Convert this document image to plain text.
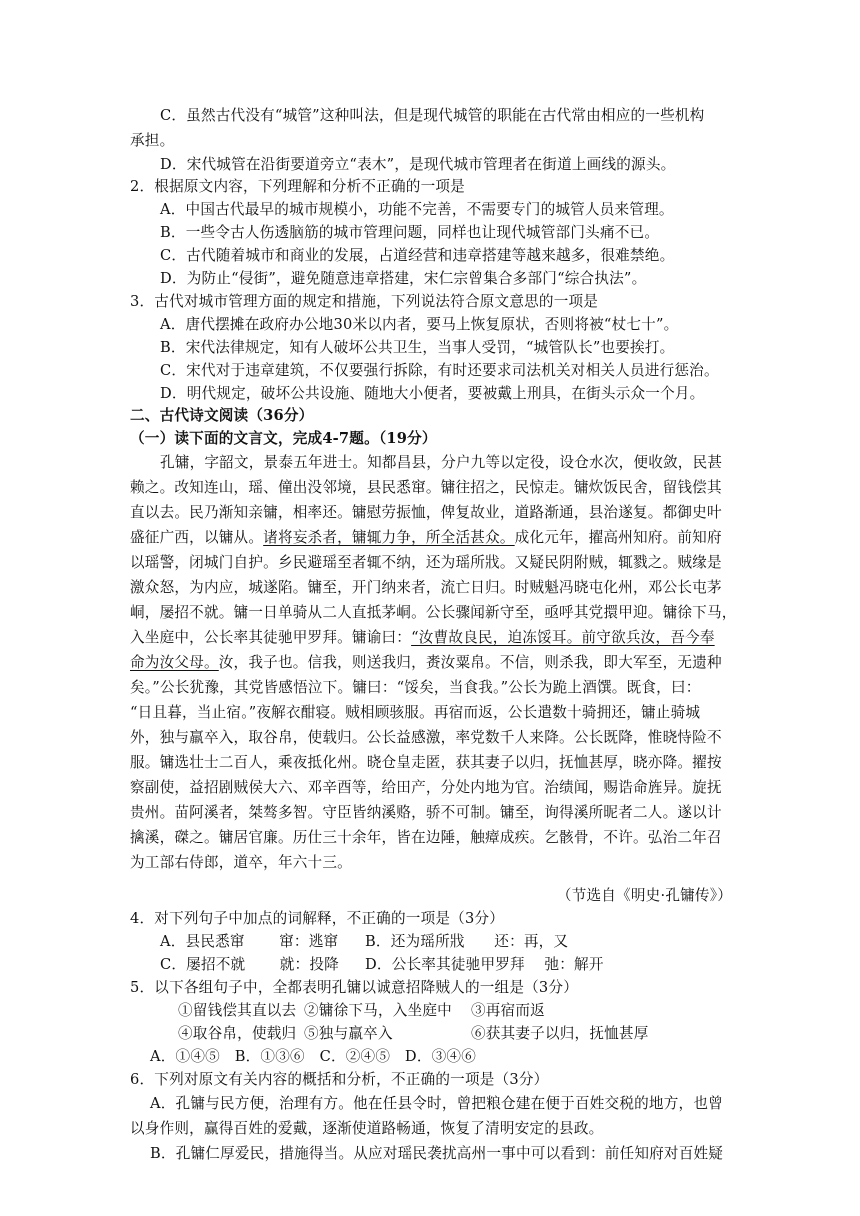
C．虽然古代没有“城管”这种叫法，但是现代城管的职能在古代常由相应的一些机构
承担。
D．宋代城管在沿街要道旁立“表木”，是现代城市管理者在街道上画线的源头。
2．根据原文内容，下列理解和分析不正确的一项是
A．中国古代最早的城市规模小，功能不完善，不需要专门的城管人员来管理。
B．一些令古人伤透脑筋的城市管理问题，同样也让现代城管部门头痛不已。
C．古代随着城市和商业的发展，占道经营和违章搭建等越来越多，很难禁绝。
D．为防止“侵街”，避免随意违章搭建，宋仁宗曾集合多部门“综合执法”。
3．古代对城市管理方面的规定和措施，下列说法符合原文意思的一项是
A．唐代摆摊在政府办公地30米以内者，要马上恢复原状，否则将被“杖七十”。
B．宋代法律规定，知有人破坏公共卫生，当事人受罚，“城管队长”也要挨打。
C．宋代对于违章建筑，不仅要强行拆除，有时还要求司法机关对相关人员进行惩治。
D．明代规定，破坏公共设施、随地大小便者，要被戴上刑具，在街头示众一个月。
二、古代诗文阅读（36分）
（一）读下面的文言文，完成4-7题。（19分）
孔镛，字韶文，景泰五年进士。知都昌县，分户九等以定役，设仓水次，便收敛，民甚
赖之。改知连山，瑶、僮出没邻境，县民悉窜。镛往招之，民惊走。镛炊饭民舍，留钱偿其
直以去。民乃渐知亲镛，相率还。镛慰劳振恤，俾复故业，道路渐通，县治遂复。都御史叶
盛征广西，以镛从。诸将妄杀者，镛辄力争，所全活甚众。成化元年，擢高州知府。前知府
以瑶警，闭城门自护。乡民避瑶至者辄不纳，还为瑶所戕。又疑民阴附贼，辄戮之。贼缘是
激众怒，为内应，城遂陷。镛至，开门纳来者，流亡日归。时贼魁冯晓屯化州，邓公长屯茅
峒，屡招不就。镛一日单骑从二人直抵茅峒。公长骤闻新守至，亟呼其党擐甲迎。镛徐下马，
入坐庭中，公长率其徒驰甲罗拜。镛谕曰：“汝曹故良民，迫冻馁耳。前守欲兵汝，吾今奉
命为汝父母。汝，我子也。信我，则送我归，赉汝粟帛。不信，则杀我，即大军至，无遗种
矣。”公长犹豫，其党皆感悟泣下。镛曰：“馁矣，当食我。”公长为跪上酒馔。既食，曰：
“日且暮，当止宿。”夜解衣酣寝。贼相顾骇服。再宿而返，公长遣数十骑拥还，镛止骑城
外，独与羸卒入，取谷帛，使载归。公长益感激，率党数千人来降。公长既降，惟晓恃险不
服。镛选壮士二百人，乘夜抵化州。晓仓皇走匿，获其妻子以归，抚恤甚厚，晓亦降。擢按
察副使，益招剧贼侯大六、邓辛酉等，给田产，分处内地为官。治绩闻，赐诰命旌异。旋抚
贵州。苗阿溪者，桀骜多智。守臣皆纳溪赂，骄不可制。镛至，询得溪所昵者二人。遂以计
擒溪，磔之。镛居官廉。历仕三十余年，皆在边陲，触瘴成疾。乞骸骨，不许。弘治二年召
为工部右侍郎，道卒，年六十三。
（节选自《明史·孔镛传》）
4．对下列句子中加点的词解释，不正确的一项是（3分）
A．县民悉窜　　 窜：逃窜 B．还为瑶所戕　　还：再，又
C．屡招不就　　 就：投降 D．公长率其徒驰甲罗拜　 弛：解开
5．以下各组句子中，全都表明孔镛以诚意招降贼人的一组是（3分）
①留钱偿其直以去 ②镛徐下马，入坐庭中 ③再宿而返
④取谷帛，使载归 ⑤独与羸卒入	⑥获其妻子以归，抚恤甚厚
A．①④⑤　B．①③⑥　C．②④⑤　D．③④⑥
6．下列对原文有关内容的概括和分析，不正确的一项是（3分）
A．孔镛与民方便，治理有方。他在任县令时，曾把粮仓建在便于百姓交税的地方，也曾
以身作则，赢得百姓的爱戴，逐渐使道路畅通，恢复了清明安定的县政。
B．孔镛仁厚爱民，措施得当。从应对瑶民袭扰高州一事中可以看到：前任知府对百姓疑
